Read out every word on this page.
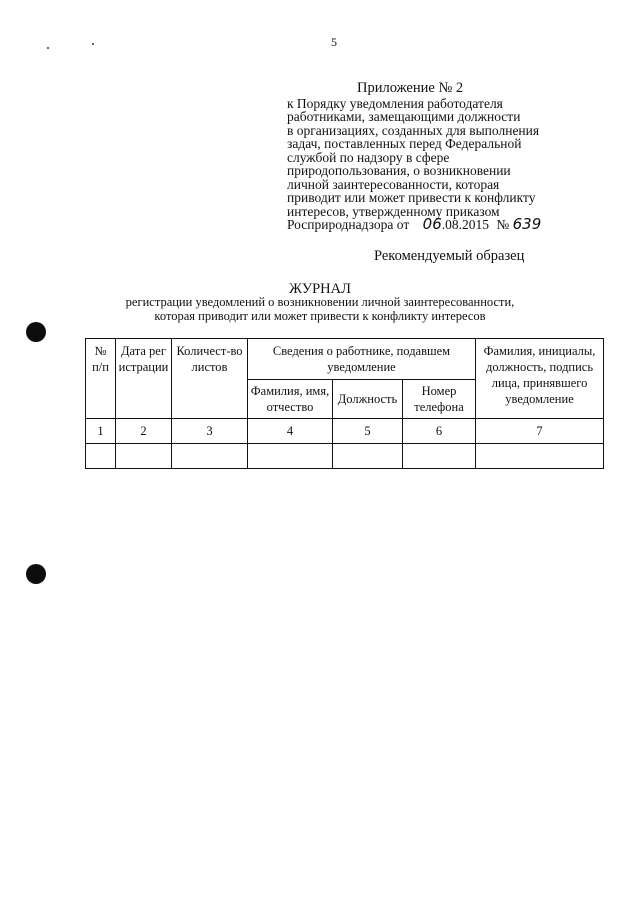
5
Приложение № 2
к Порядку уведомления работодателя
работниками, замещающими должности
в организациях, созданных для выполнения
задач, поставленных перед Федеральной
службой по надзору в сфере
природопользования, о возникновении
личной заинтересованности, которая
приводит или может привести к конфликту
интересов, утвержденному приказом
Росприроднадзора от 06.08.2015 № 639
Рекомендуемый образец
ЖУРНАЛ
регистрации уведомлений о возникновении личной заинтересованности,
которая приводит или может привести к конфликту интересов
№ п/п	Дата регистрации	Количест-во листов	Сведения о работнике, подавшем уведомление			Фамилия, инициалы, должность, подпись лица, принявшего уведомление
			Фамилия, имя, отчество	Должность	Номер телефона	
1	2	3	4	5	6	7
